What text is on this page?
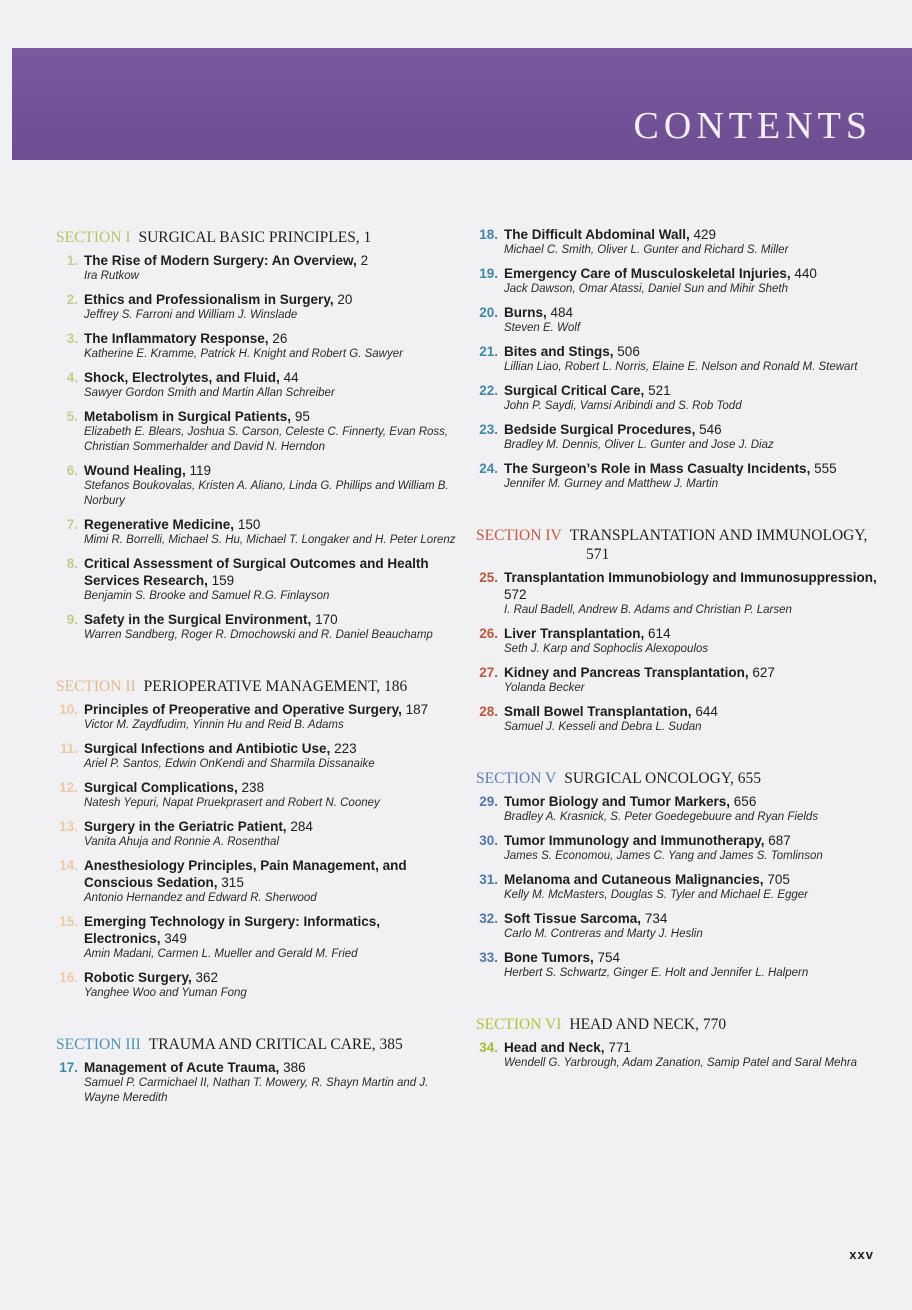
CONTENTS
SECTION I SURGICAL BASIC PRINCIPLES, 1
1. The Rise of Modern Surgery: An Overview, 2
Ira Rutkow
2. Ethics and Professionalism in Surgery, 20
Jeffrey S. Farroni and William J. Winslade
3. The Inflammatory Response, 26
Katherine E. Kramme, Patrick H. Knight and Robert G. Sawyer
4. Shock, Electrolytes, and Fluid, 44
Sawyer Gordon Smith and Martin Allan Schreiber
5. Metabolism in Surgical Patients, 95
Elizabeth E. Blears, Joshua S. Carson, Celeste C. Finnerty, Evan Ross, Christian Sommerhalder and David N. Herndon
6. Wound Healing, 119
Stefanos Boukovalas, Kristen A. Aliano, Linda G. Phillips and William B. Norbury
7. Regenerative Medicine, 150
Mimi R. Borrelli, Michael S. Hu, Michael T. Longaker and H. Peter Lorenz
8. Critical Assessment of Surgical Outcomes and Health Services Research, 159
Benjamin S. Brooke and Samuel R.G. Finlayson
9. Safety in the Surgical Environment, 170
Warren Sandberg, Roger R. Dmochowski and R. Daniel Beauchamp
SECTION II PERIOPERATIVE MANAGEMENT, 186
10. Principles of Preoperative and Operative Surgery, 187
Victor M. Zaydfudim, Yinnin Hu and Reid B. Adams
11. Surgical Infections and Antibiotic Use, 223
Ariel P. Santos, Edwin OnKendi and Sharmila Dissanaike
12. Surgical Complications, 238
Natesh Yepuri, Napat Pruekprasert and Robert N. Cooney
13. Surgery in the Geriatric Patient, 284
Vanita Ahuja and Ronnie A. Rosenthal
14. Anesthesiology Principles, Pain Management, and Conscious Sedation, 315
Antonio Hernandez and Edward R. Sherwood
15. Emerging Technology in Surgery: Informatics, Electronics, 349
Amin Madani, Carmen L. Mueller and Gerald M. Fried
16. Robotic Surgery, 362
Yanghee Woo and Yuman Fong
SECTION III TRAUMA AND CRITICAL CARE, 385
17. Management of Acute Trauma, 386
Samuel P. Carmichael II, Nathan T. Mowery, R. Shayn Martin and J. Wayne Meredith
18. The Difficult Abdominal Wall, 429
Michael C. Smith, Oliver L. Gunter and Richard S. Miller
19. Emergency Care of Musculoskeletal Injuries, 440
Jack Dawson, Omar Atassi, Daniel Sun and Mihir Sheth
20. Burns, 484
Steven E. Wolf
21. Bites and Stings, 506
Lillian Liao, Robert L. Norris, Elaine E. Nelson and Ronald M. Stewart
22. Surgical Critical Care, 521
John P. Saydi, Vamsi Aribindi and S. Rob Todd
23. Bedside Surgical Procedures, 546
Bradley M. Dennis, Oliver L. Gunter and Jose J. Diaz
24. The Surgeon’s Role in Mass Casualty Incidents, 555
Jennifer M. Gurney and Matthew J. Martin
SECTION IV TRANSPLANTATION AND IMMUNOLOGY, 571
25. Transplantation Immunobiology and Immunosuppression, 572
I. Raul Badell, Andrew B. Adams and Christian P. Larsen
26. Liver Transplantation, 614
Seth J. Karp and Sophoclis Alexopoulos
27. Kidney and Pancreas Transplantation, 627
Yolanda Becker
28. Small Bowel Transplantation, 644
Samuel J. Kesseli and Debra L. Sudan
SECTION V SURGICAL ONCOLOGY, 655
29. Tumor Biology and Tumor Markers, 656
Bradley A. Krasnick, S. Peter Goedegebuure and Ryan Fields
30. Tumor Immunology and Immunotherapy, 687
James S. Economou, James C. Yang and James S. Tomlinson
31. Melanoma and Cutaneous Malignancies, 705
Kelly M. McMasters, Douglas S. Tyler and Michael E. Egger
32. Soft Tissue Sarcoma, 734
Carlo M. Contreras and Marty J. Heslin
33. Bone Tumors, 754
Herbert S. Schwartz, Ginger E. Holt and Jennifer L. Halpern
SECTION VI HEAD AND NECK, 770
34. Head and Neck, 771
Wendell G. Yarbrough, Adam Zanation, Samip Patel and Saral Mehra
xxv
